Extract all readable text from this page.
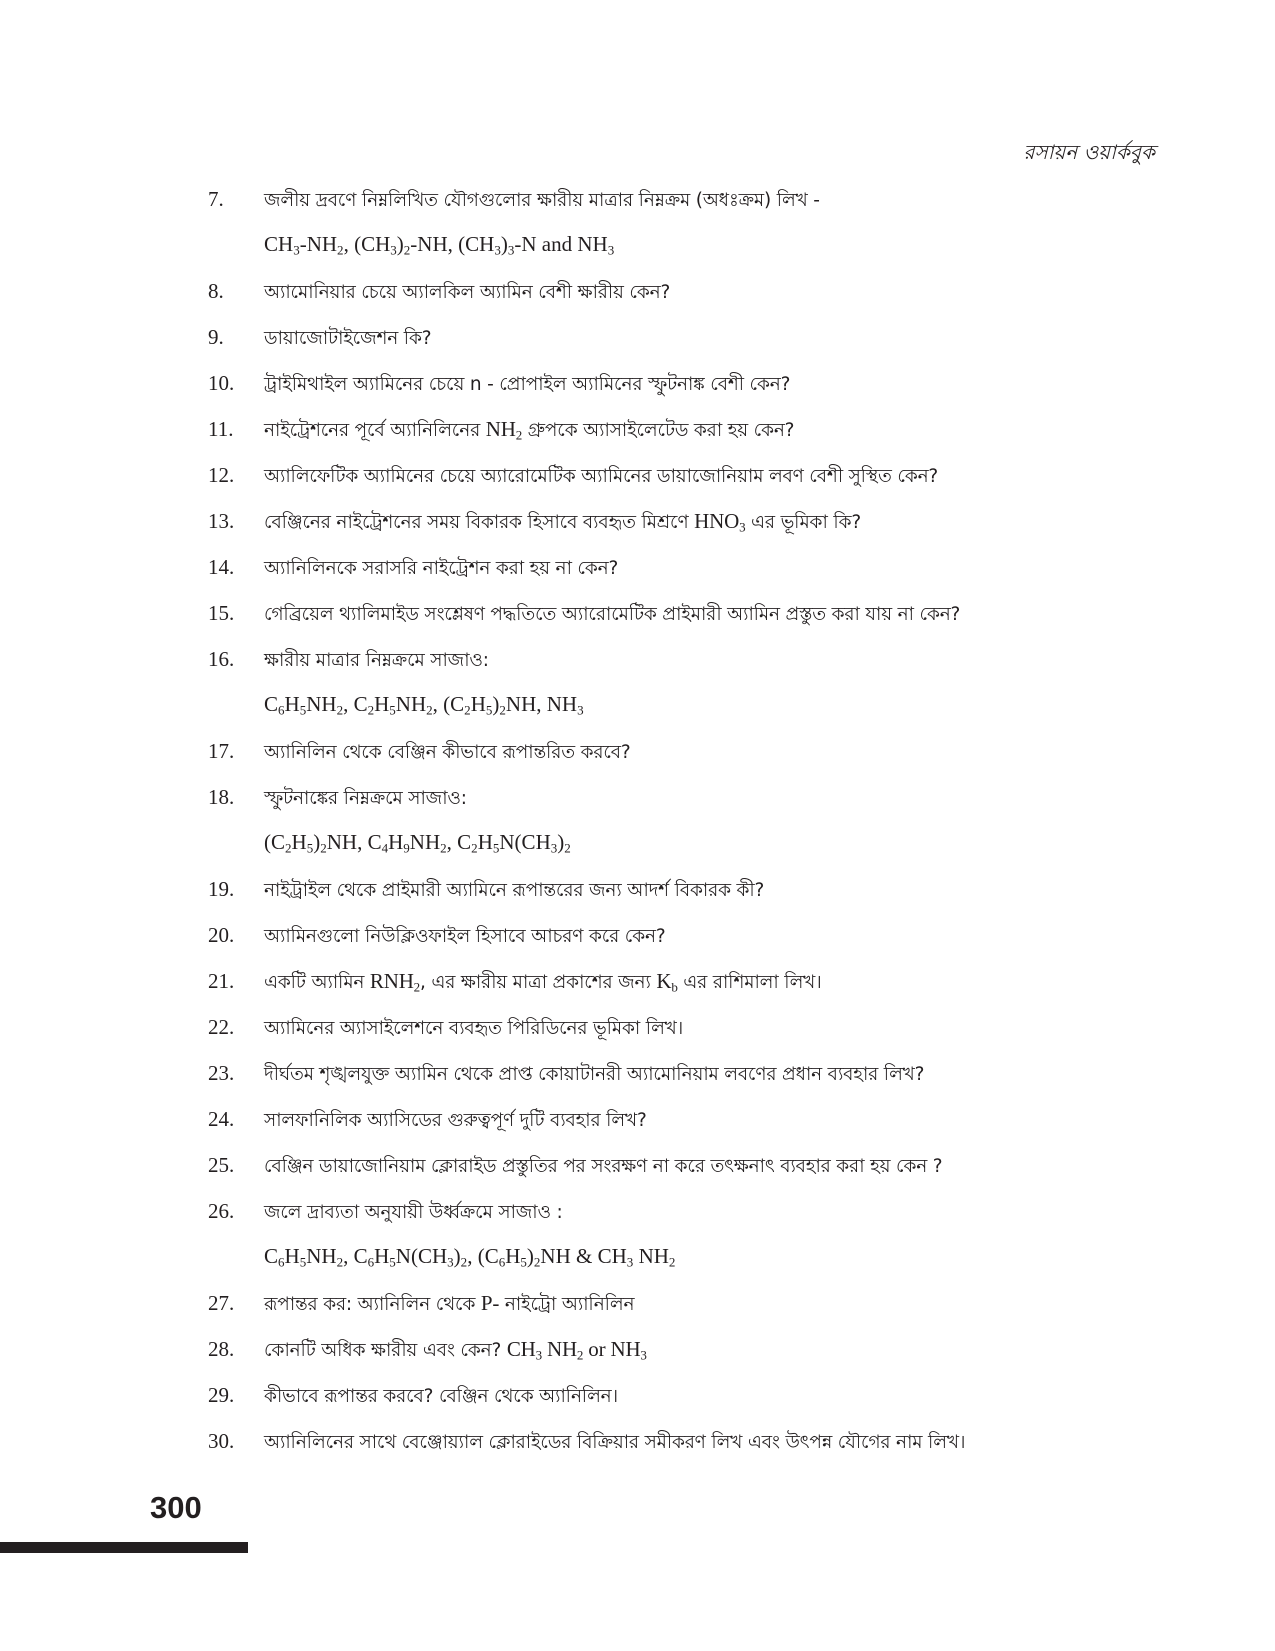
রসায়ন ওয়ার্কবুক
7.	জলীয় দ্রবণে নিম্নলিখিত যৌগগুলোর ক্ষারীয় মাত্রার নিম্নক্রম (অধঃক্রম) লিখ -
$CH_3-NH_2$, $(CH_3)_2-NH$, $(CH_3)_3-N$ and $NH_3$
8.	অ্যামোনিয়ার চেয়ে অ্যালকিল অ্যামিন বেশী ক্ষারীয় কেন?
9.	ডায়াজোটাইজেশন কি?
10.	ট্রাইমিথাইল অ্যামিনের চেয়ে n - প্রোপাইল অ্যামিনের স্ফুটনাঙ্ক বেশী কেন?
11.	নাইট্রেশনের পূর্বে অ্যানিলিনের $NH_2$ গ্রুপকে অ্যাসাইলেটেড করা হয় কেন?
12.	অ্যালিফেটিক অ্যামিনের চেয়ে অ্যারোমেটিক অ্যামিনের ডায়াজোনিয়াম লবণ বেশী সুস্থিত কেন?
13.	বেঞ্জিনের নাইট্রেশনের সময় বিকারক হিসাবে ব্যবহৃত মিশ্রণে $HNO_3$ এর ভূমিকা কি?
14.	অ্যানিলিনকে সরাসরি নাইট্রেশন করা হয় না কেন?
15.	গেব্রিয়েল থ্যালিমাইড সংশ্লেষণ পদ্ধতিতে অ্যারোমেটিক প্রাইমারী অ্যামিন প্রস্তুত করা যায় না কেন?
16.	ক্ষারীয় মাত্রার নিম্নক্রমে সাজাও:
$C_6H_5NH_2$, $C_2H_5NH_2$, $(C_2H_5)_2NH$, $NH_3$
17.	অ্যানিলিন থেকে বেঞ্জিন কীভাবে রূপান্তরিত করবে?
18.	স্ফুটনাঙ্কের নিম্নক্রমে সাজাও:
$(C_2H_5)_2NH$, $C_4H_9NH_2$, $C_2H_5N(CH_3)_2$
19.	নাইট্রাইল থেকে প্রাইমারী অ্যামিনে রূপান্তরের জন্য আদর্শ বিকারক কী?
20.	অ্যামিনগুলো নিউক্লিওফাইল হিসাবে আচরণ করে কেন?
21.	একটি অ্যামিন $RNH_2$, এর ক্ষারীয় মাত্রা প্রকাশের জন্য $K_b$ এর রাশিমালা লিখ।
22.	অ্যামিনের অ্যাসাইলেশনে ব্যবহৃত পিরিডিনের ভূমিকা লিখ।
23.	দীর্ঘতম শৃঙ্খলযুক্ত অ্যামিন থেকে প্রাপ্ত কোয়াটানরী অ্যামোনিয়াম লবণের প্রধান ব্যবহার লিখ?
24.	সালফানিলিক অ্যাসিডের গুরুত্বপূর্ণ দুটি ব্যবহার লিখ?
25.	বেঞ্জিন ডায়াজোনিয়াম ক্লোরাইড প্রস্তুতির পর সংরক্ষণ না করে তৎক্ষনাৎ ব্যবহার করা হয় কেন ?
26.	জলে দ্রাব্যতা অনুযায়ী উর্ধ্বক্রমে সাজাও :
$C_6H_5NH_2$, $C_6H_5N(CH_3)_2$, $(C_6H_5)_2NH$ & $CH_3$ $NH_2$
27.	রূপান্তর কর: অ্যানিলিন থেকে P- নাইট্রো অ্যানিলিন
28.	কোনটি অধিক ক্ষারীয় এবং কেন? $CH_3$ $NH_2$ or $NH_3$
29.	কীভাবে রূপান্তর করবে? বেঞ্জিন থেকে অ্যানিলিন।
30.	অ্যানিলিনের সাথে বেঞ্জোয়্যাল ক্লোরাইডের বিক্রিয়ার সমীকরণ লিখ এবং উৎপন্ন যৌগের নাম লিখ।
300
